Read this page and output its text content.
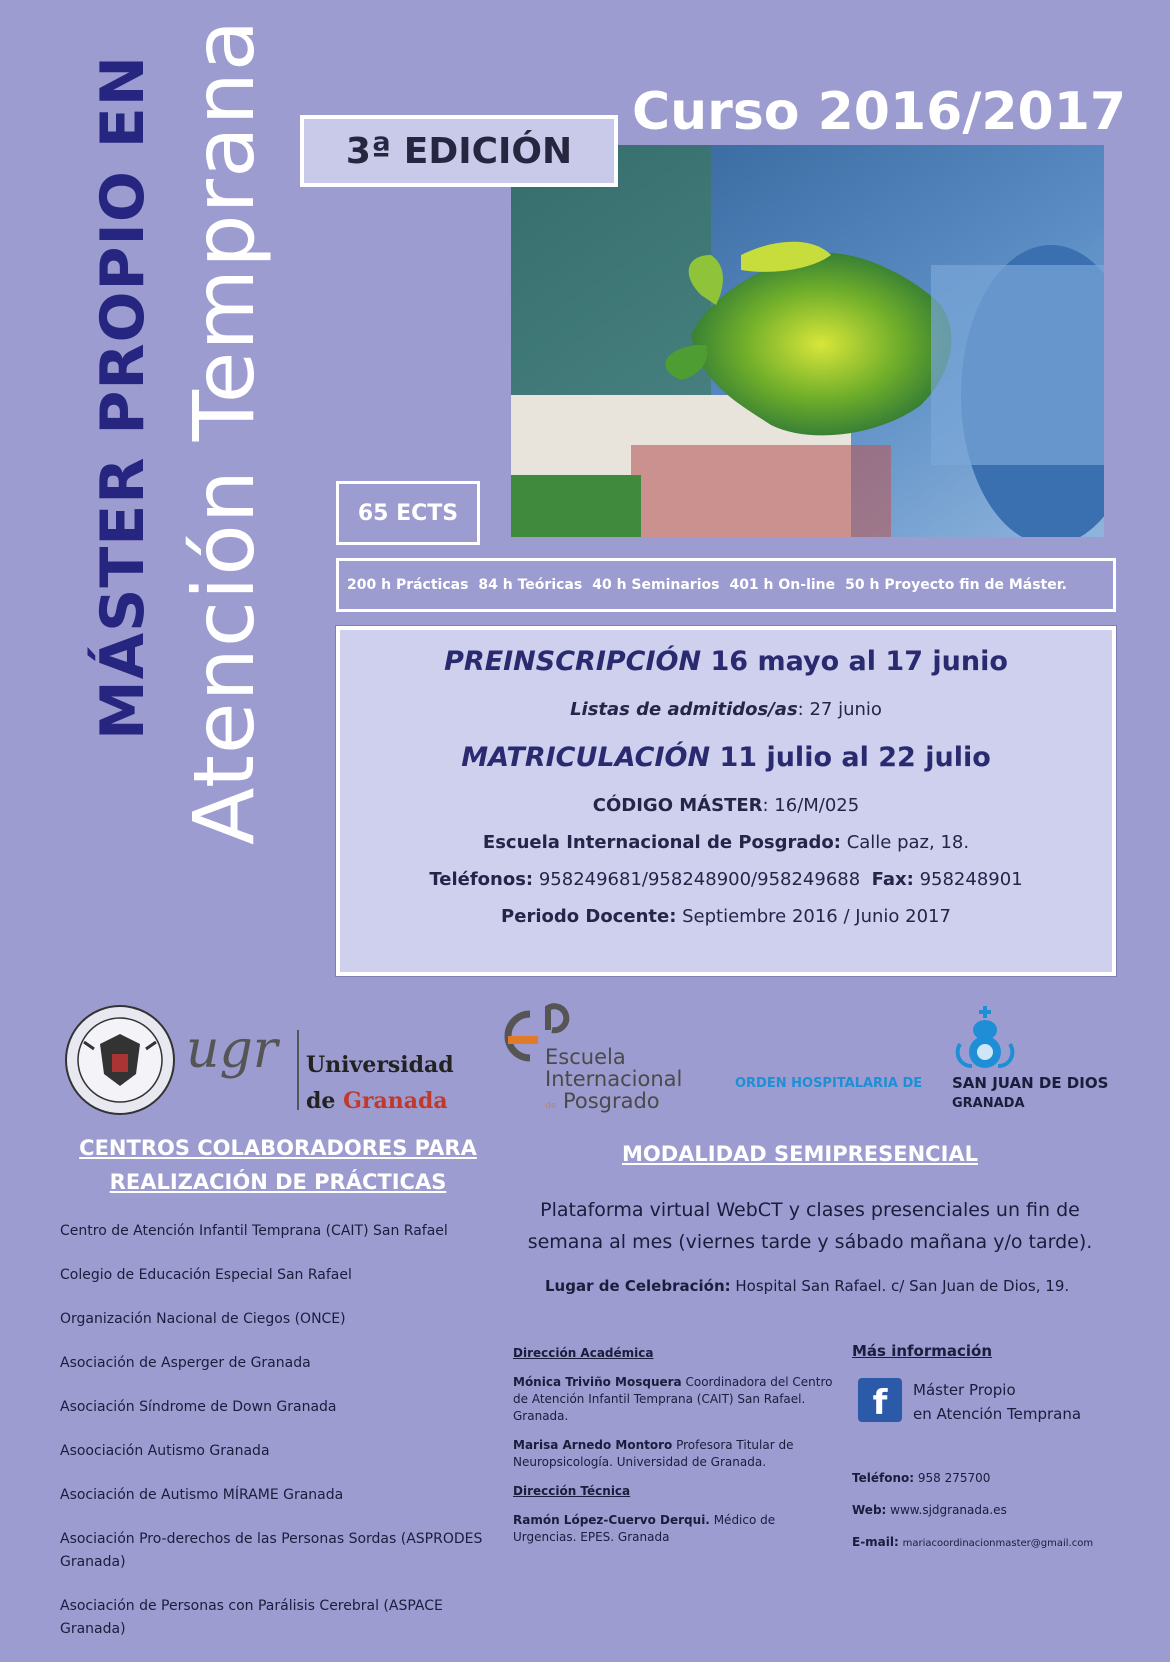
MÁSTER PROPIO EN Atención Temprana	Curso 2016/2017
3ª EDICIÓN
65 ECTS
200 h Prácticas 84 h Teóricas 40 h Seminarios 401 h On-line 50 h Proyecto fin de Máster.
PREINSCRIPCIÓN 16 mayo al 17 junio
Listas de admitidos/as: 27 junio
MATRICULACIÓN 11 julio al 22 julio
CÓDIGO MÁSTER: 16/M/025
Escuela Internacional de Posgrado: Calle paz, 18.
Teléfonos: 958249681/958248900/958249688 Fax: 958248901
Periodo Docente: Septiembre 2016 / Junio 2017
ugr Universidad
de Granada
Escuela
Internacional
de Posgrado
ORDEN HOSPITALARIA DE SAN JUAN DE DIOS
GRANADA
CENTROS COLABORADORES PARA
REALIZACIÓN DE PRÁCTICAS
Centro de Atención Infantil Temprana (CAIT) San Rafael
Colegio de Educación Especial San Rafael
Organización Nacional de Ciegos (ONCE)
Asociación de Asperger de Granada
Asociación Síndrome de Down Granada
Asoociación Autismo Granada
Asociación de Autismo MÍRAME Granada
Asociación Pro-derechos de las Personas Sordas (ASPRODES Granada)
Asociación de Personas con Parálisis Cerebral (ASPACE Granada)
MODALIDAD SEMIPRESENCIAL
Plataforma virtual WebCT y clases presenciales un fin de
semana al mes (viernes tarde y sábado mañana y/o tarde).
Lugar de Celebración: Hospital San Rafael. c/ San Juan de Dios, 19.
Dirección Académica
Mónica Triviño Mosquera Coordinadora del Centro de Atención Infantil Temprana (CAIT) San Rafael. Granada.
Marisa Arnedo Montoro Profesora Titular de Neuropsicología. Universidad de Granada.
Dirección Técnica
Ramón López-Cuervo Derqui. Médico de Urgencias. EPES. Granada
Más información
f	Máster Propio
en Atención Temprana
Teléfono: 958 275700
Web: www.sjdgranada.es
E-mail: mariacoordinacionmaster@gmail.com
